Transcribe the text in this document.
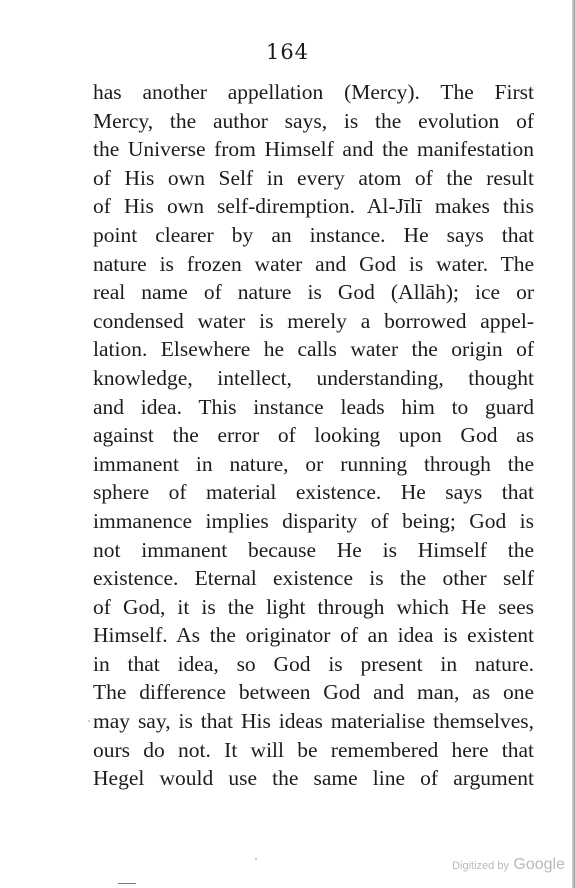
164
has another appellation (Mercy). The First
Mercy, the author says, is the evolution of
the Universe from Himself and the manifestation
of His own Self in every atom of the result
of His own self-diremption. Al-Jīlī makes this
point clearer by an instance. He says that
nature is frozen water and God is water. The
real name of nature is God (Allāh); ice or
condensed water is merely a borrowed appel-
lation. Elsewhere he calls water the origin of
knowledge, intellect, understanding, thought
and idea. This instance leads him to guard
against the error of looking upon God as
immanent in nature, or running through the
sphere of material existence. He says that
immanence implies disparity of being; God is
not immanent because He is Himself the
existence. Eternal existence is the other self
of God, it is the light through which He sees
Himself. As the originator of an idea is existent
in that idea, so God is present in nature.
The difference between God and man, as one
may say, is that His ideas materialise themselves,
ours do not. It will be remembered here that
Hegel would use the same line of argument
Digitized by Google
